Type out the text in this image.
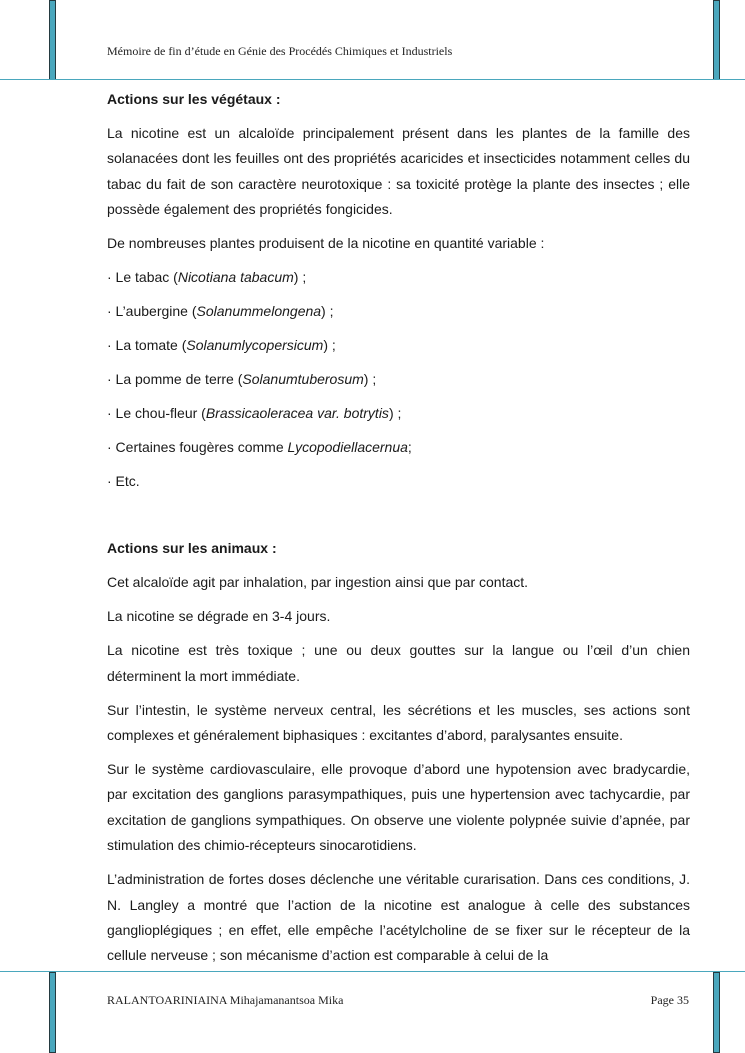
Mémoire de fin d’étude en Génie des Procédés Chimiques et Industriels
RALANTOARINIAINA Mihajamanantsoa Mika	Page 35

Actions sur les végétaux :

La nicotine est un alcaloïde principalement présent dans les plantes de la famille des solanacées dont les feuilles ont des propriétés acaricides et insecticides notamment celles du tabac du fait de son caractère neurotoxique : sa toxicité protège la plante des insectes ; elle possède également des propriétés fongicides.

De nombreuses plantes produisent de la nicotine en quantité variable :

· Le tabac (Nicotiana tabacum) ;

· L’aubergine (Solanummelongena) ;

· La tomate (Solanumlycopersicum) ;

· La pomme de terre (Solanumtuberosum) ;

· Le chou-fleur (Brassicaoleracea var. botrytis) ;

· Certaines fougères comme Lycopodiellacernua;

· Etc.

Actions sur les animaux :

Cet alcaloïde agit par inhalation, par ingestion ainsi que par contact.

La nicotine se dégrade en 3-4 jours.

La nicotine est très toxique ; une ou deux gouttes sur la langue ou l’œil d’un chien déterminent la mort immédiate.

Sur l’intestin, le système nerveux central, les sécrétions et les muscles, ses actions sont complexes et généralement biphasiques : excitantes d’abord, paralysantes ensuite.

Sur le système cardiovasculaire, elle provoque d’abord une hypotension avec bradycardie, par excitation des ganglions parasympathiques, puis une hypertension avec tachycardie, par excitation de ganglions sympathiques. On observe une violente polypnée suivie d’apnée, par stimulation des chimio-récepteurs sinocarotidiens.

L’administration de fortes doses déclenche une véritable curarisation. Dans ces conditions, J. N. Langley a montré que l’action de la nicotine est analogue à celle des substances ganglioplégiques ; en effet, elle empêche l’acétylcholine de se fixer sur le récepteur de la cellule nerveuse ; son mécanisme d’action est comparable à celui de la
